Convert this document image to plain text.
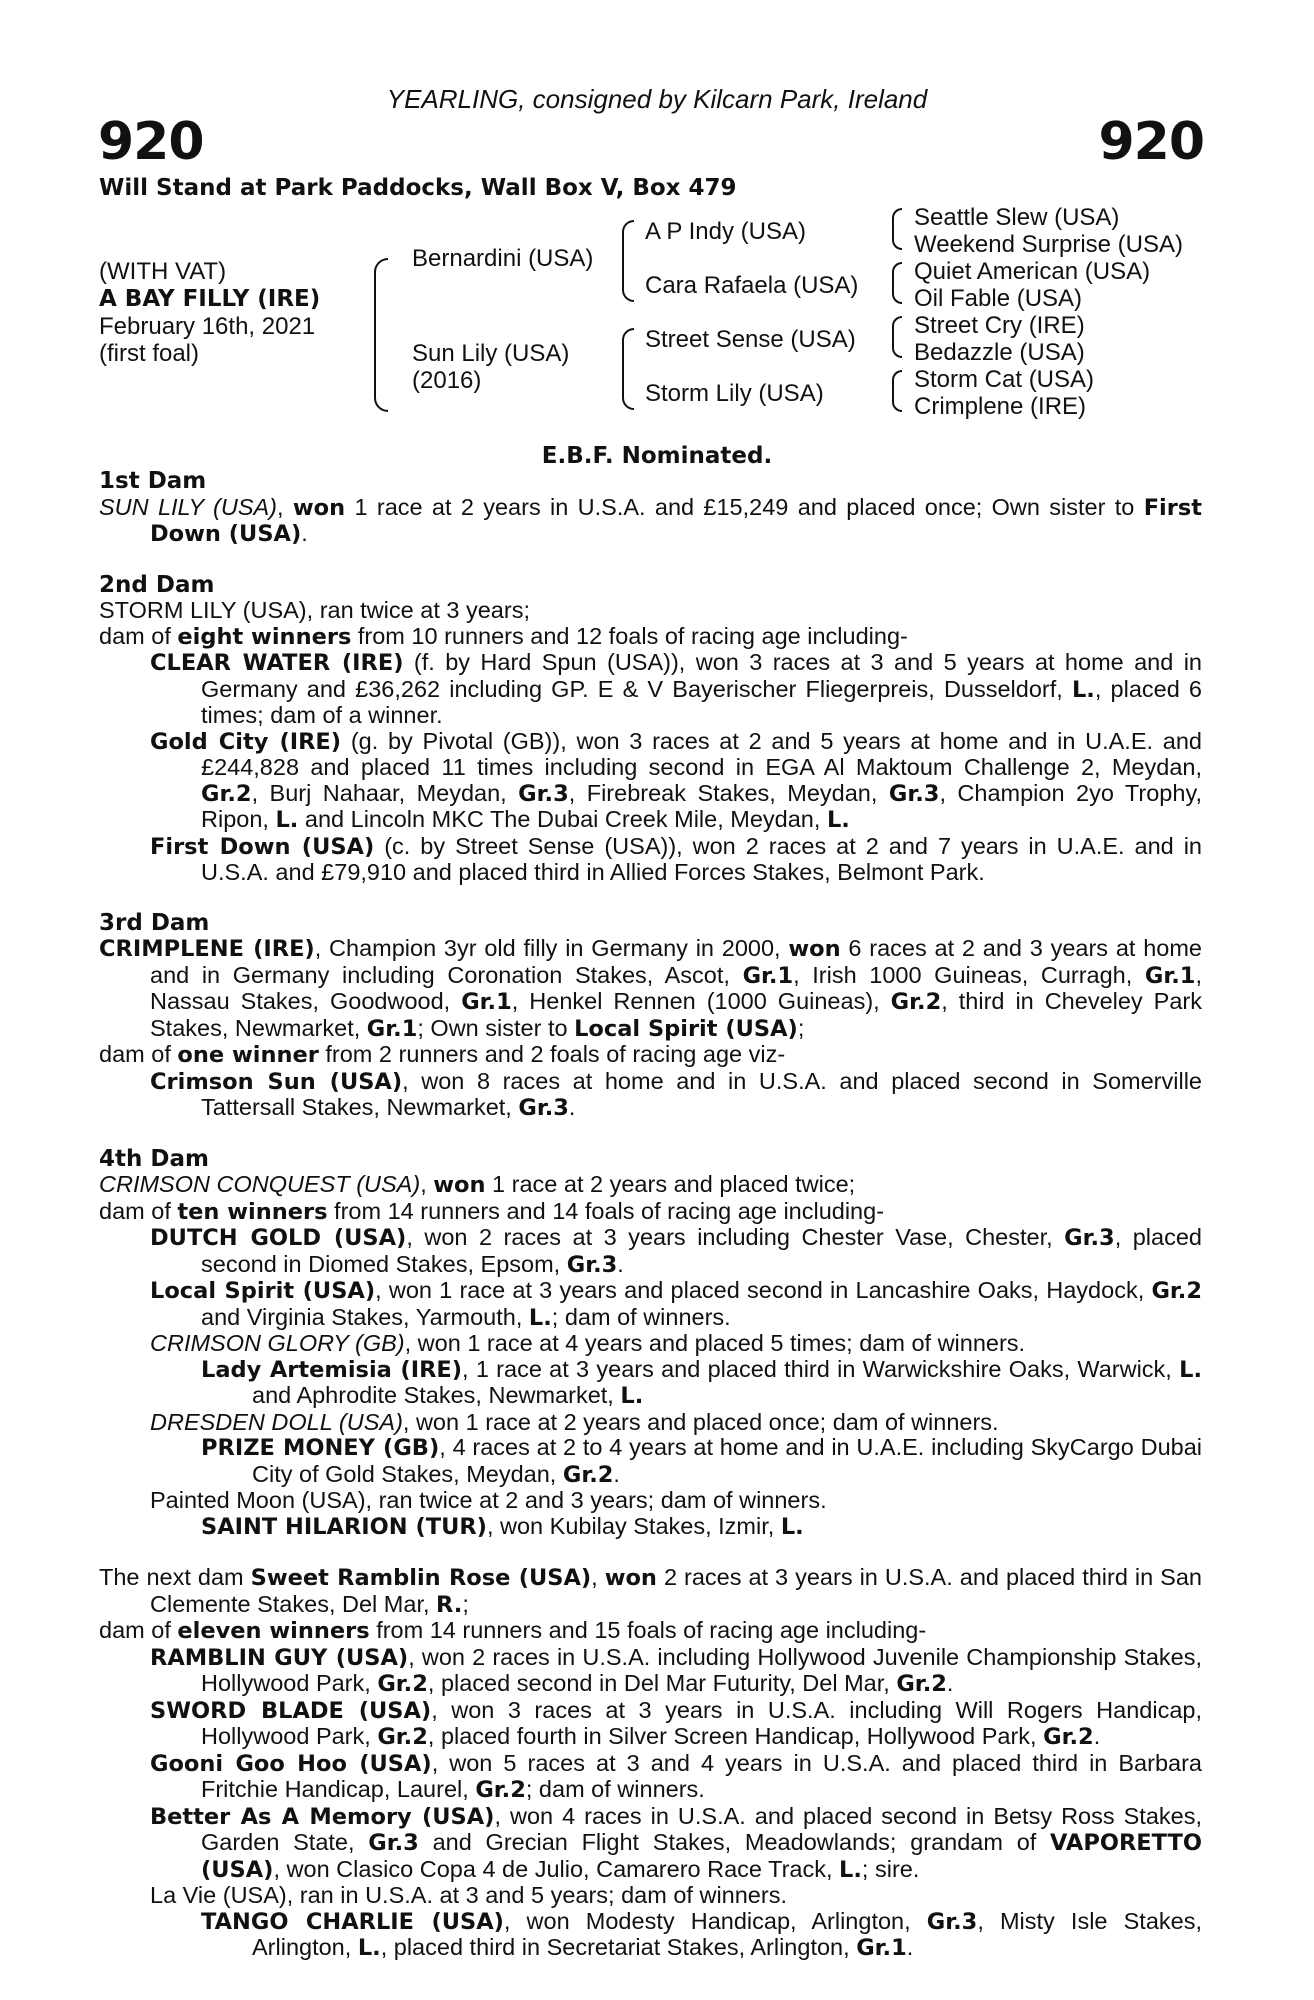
YEARLING, consigned by Kilcarn Park, Ireland
920	920
Will Stand at Park Paddocks, Wall Box V, Box 479
(WITH VAT)
A BAY FILLY (IRE)
February 16th, 2021
(first foal)
Bernardini (USA)
Sun Lily (USA)
(2016)
A P Indy (USA)
Cara Rafaela (USA)
Street Sense (USA)
Storm Lily (USA)
Seattle Slew (USA)
Weekend Surprise (USA)
Quiet American (USA)
Oil Fable (USA)
Street Cry (IRE)
Bedazzle (USA)
Storm Cat (USA)
Crimplene (IRE)
E.B.F. Nominated.
1st Dam
SUN LILY (USA), won 1 race at 2 years in U.S.A. and £15,249 and placed once; Own sister to First Down (USA).
2nd Dam
STORM LILY (USA), ran twice at 3 years;
dam of eight winners from 10 runners and 12 foals of racing age including-
CLEAR WATER (IRE) (f. by Hard Spun (USA)), won 3 races at 3 and 5 years at home and in Germany and £36,262 including GP. E & V Bayerischer Fliegerpreis, Dusseldorf, L., placed 6 times; dam of a winner.
Gold City (IRE) (g. by Pivotal (GB)), won 3 races at 2 and 5 years at home and in U.A.E. and £244,828 and placed 11 times including second in EGA Al Maktoum Challenge 2, Meydan, Gr.2, Burj Nahaar, Meydan, Gr.3, Firebreak Stakes, Meydan, Gr.3, Champion 2yo Trophy, Ripon, L. and Lincoln MKC The Dubai Creek Mile, Meydan, L.
First Down (USA) (c. by Street Sense (USA)), won 2 races at 2 and 7 years in U.A.E. and in U.S.A. and £79,910 and placed third in Allied Forces Stakes, Belmont Park.
3rd Dam
CRIMPLENE (IRE), Champion 3yr old filly in Germany in 2000, won 6 races at 2 and 3 years at home and in Germany including Coronation Stakes, Ascot, Gr.1, Irish 1000 Guineas, Curragh, Gr.1, Nassau Stakes, Goodwood, Gr.1, Henkel Rennen (1000 Guineas), Gr.2, third in Cheveley Park Stakes, Newmarket, Gr.1; Own sister to Local Spirit (USA);
dam of one winner from 2 runners and 2 foals of racing age viz-
Crimson Sun (USA), won 8 races at home and in U.S.A. and placed second in Somerville Tattersall Stakes, Newmarket, Gr.3.
4th Dam
CRIMSON CONQUEST (USA), won 1 race at 2 years and placed twice;
dam of ten winners from 14 runners and 14 foals of racing age including-
DUTCH GOLD (USA), won 2 races at 3 years including Chester Vase, Chester, Gr.3, placed second in Diomed Stakes, Epsom, Gr.3.
Local Spirit (USA), won 1 race at 3 years and placed second in Lancashire Oaks, Haydock, Gr.2 and Virginia Stakes, Yarmouth, L.; dam of winners.
CRIMSON GLORY (GB), won 1 race at 4 years and placed 5 times; dam of winners.
Lady Artemisia (IRE), 1 race at 3 years and placed third in Warwickshire Oaks, Warwick, L. and Aphrodite Stakes, Newmarket, L.
DRESDEN DOLL (USA), won 1 race at 2 years and placed once; dam of winners.
PRIZE MONEY (GB), 4 races at 2 to 4 years at home and in U.A.E. including SkyCargo Dubai City of Gold Stakes, Meydan, Gr.2.
Painted Moon (USA), ran twice at 2 and 3 years; dam of winners.
SAINT HILARION (TUR), won Kubilay Stakes, Izmir, L.
The next dam Sweet Ramblin Rose (USA), won 2 races at 3 years in U.S.A. and placed third in San Clemente Stakes, Del Mar, R.;
dam of eleven winners from 14 runners and 15 foals of racing age including-
RAMBLIN GUY (USA), won 2 races in U.S.A. including Hollywood Juvenile Championship Stakes, Hollywood Park, Gr.2, placed second in Del Mar Futurity, Del Mar, Gr.2.
SWORD BLADE (USA), won 3 races at 3 years in U.S.A. including Will Rogers Handicap, Hollywood Park, Gr.2, placed fourth in Silver Screen Handicap, Hollywood Park, Gr.2.
Gooni Goo Hoo (USA), won 5 races at 3 and 4 years in U.S.A. and placed third in Barbara Fritchie Handicap, Laurel, Gr.2; dam of winners.
Better As A Memory (USA), won 4 races in U.S.A. and placed second in Betsy Ross Stakes, Garden State, Gr.3 and Grecian Flight Stakes, Meadowlands; grandam of VAPORETTO (USA), won Clasico Copa 4 de Julio, Camarero Race Track, L.; sire.
La Vie (USA), ran in U.S.A. at 3 and 5 years; dam of winners.
TANGO CHARLIE (USA), won Modesty Handicap, Arlington, Gr.3, Misty Isle Stakes, Arlington, L., placed third in Secretariat Stakes, Arlington, Gr.1.
